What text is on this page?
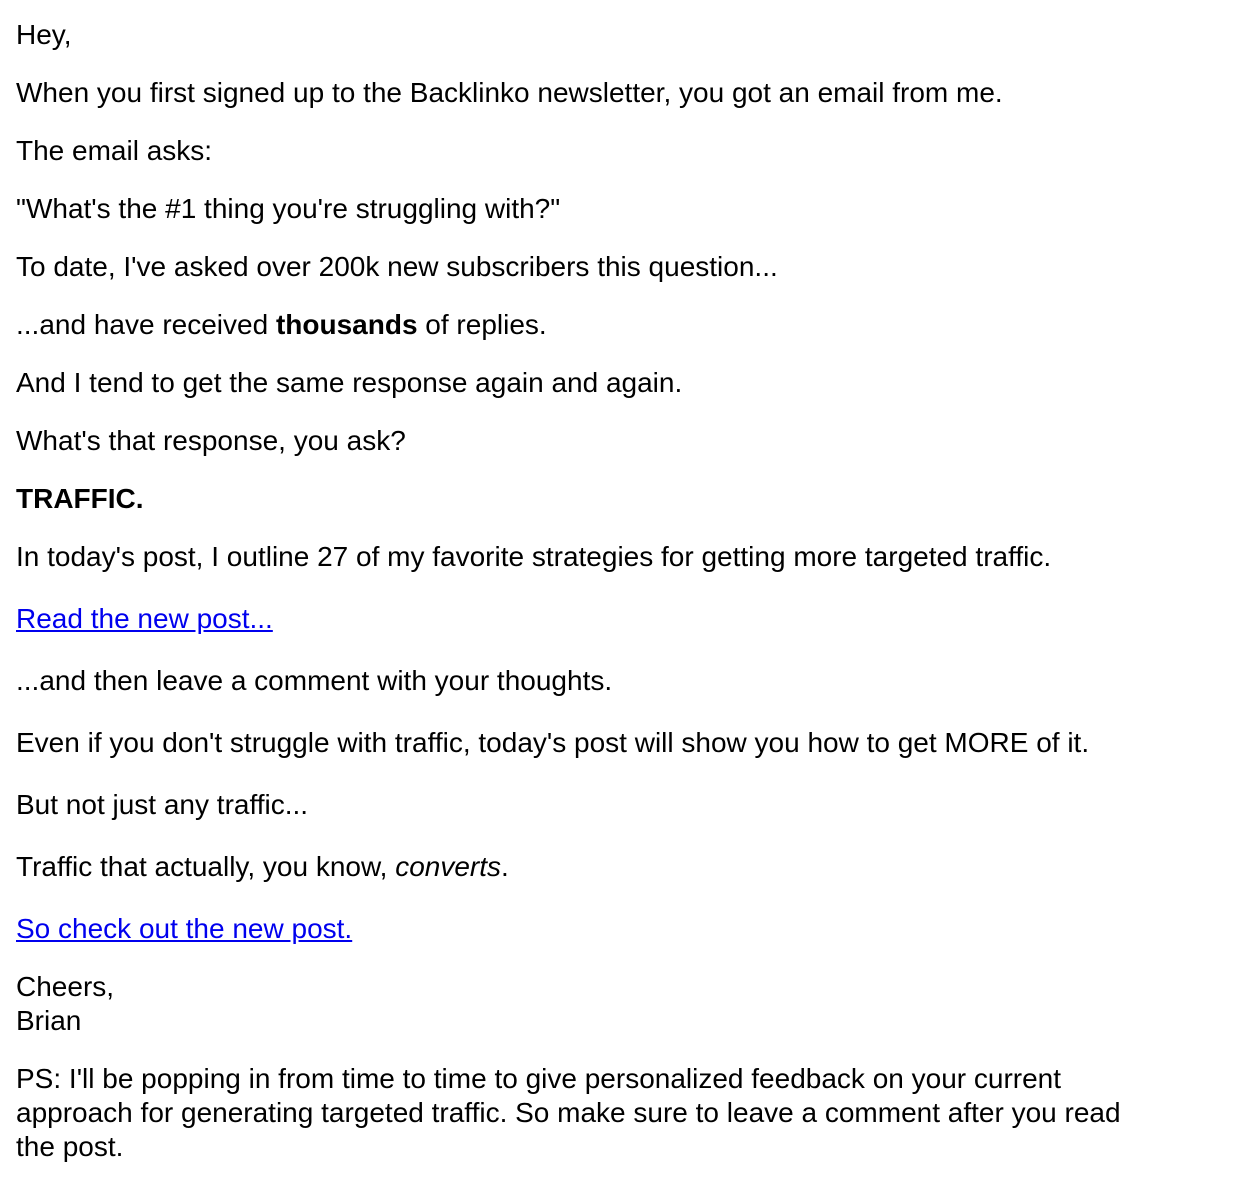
Hey,

When you first signed up to the Backlinko newsletter, you got an email from me.

The email asks:

"What's the #1 thing you're struggling with?"

To date, I've asked over 200k new subscribers this question...

...and have received thousands of replies.

And I tend to get the same response again and again.

What's that response, you ask?

TRAFFIC.

In today's post, I outline 27 of my favorite strategies for getting more targeted traffic.

Read the new post...

...and then leave a comment with your thoughts.

Even if you don't struggle with traffic, today's post will show you how to get MORE of it.

But not just any traffic...

Traffic that actually, you know, converts.

So check out the new post.

Cheers,

Brian

PS: I'll be popping in from time to time to give personalized feedback on your current approach for generating targeted traffic. So make sure to leave a comment after you read the post.
